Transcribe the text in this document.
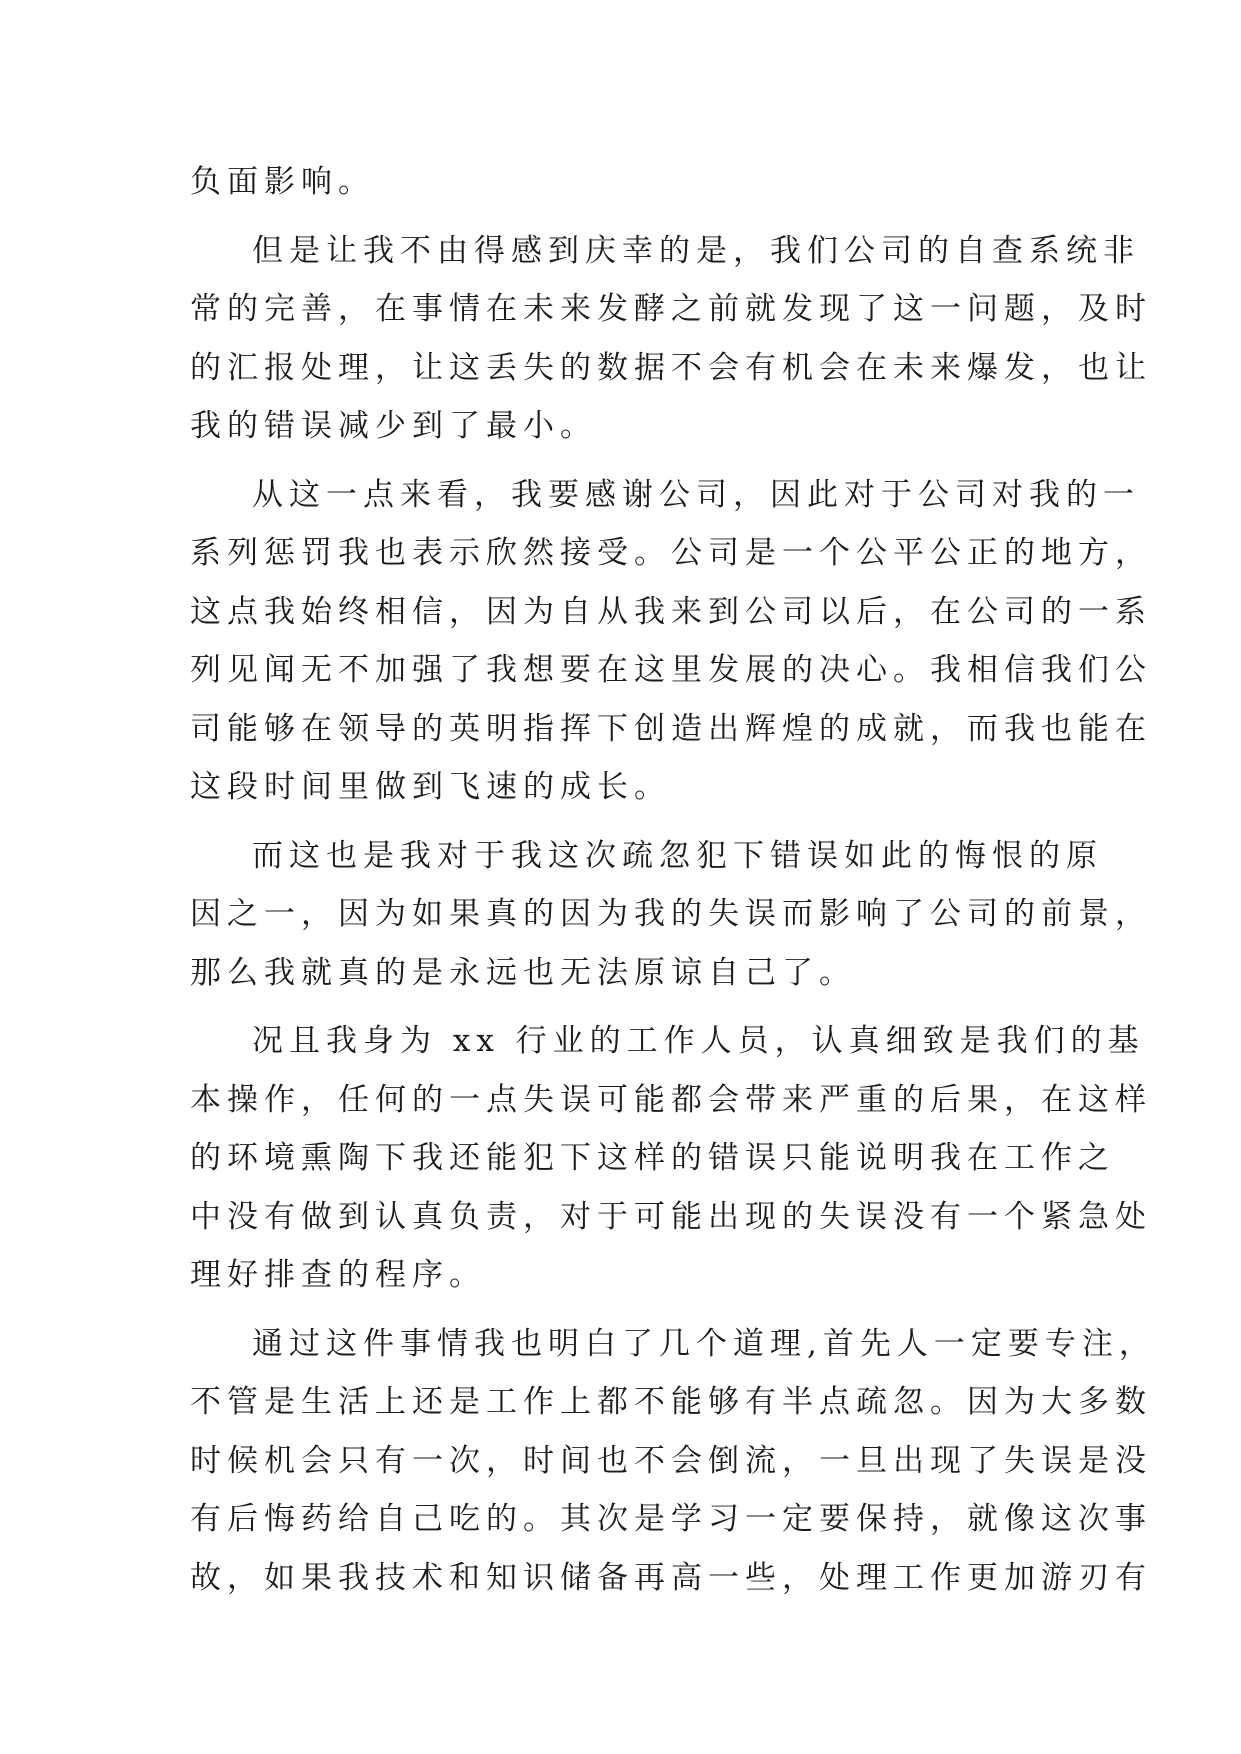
负面影响。

但是让我不由得感到庆幸的是，我们公司的自查系统非
常的完善，在事情在未来发酵之前就发现了这一问题，及时
的汇报处理，让这丢失的数据不会有机会在未来爆发，也让
我的错误减少到了最小。

从这一点来看，我要感谢公司，因此对于公司对我的一
系列惩罚我也表示欣然接受。公司是一个公平公正的地方，
这点我始终相信，因为自从我来到公司以后，在公司的一系
列见闻无不加强了我想要在这里发展的决心。我相信我们公
司能够在领导的英明指挥下创造出辉煌的成就，而我也能在
这段时间里做到飞速的成长。

而这也是我对于我这次疏忽犯下错误如此的悔恨的原
因之一，因为如果真的因为我的失误而影响了公司的前景，
那么我就真的是永远也无法原谅自己了。

况且我身为 xx 行业的工作人员，认真细致是我们的基
本操作，任何的一点失误可能都会带来严重的后果，在这样
的环境熏陶下我还能犯下这样的错误只能说明我在工作之
中没有做到认真负责，对于可能出现的失误没有一个紧急处
理好排查的程序。

通过这件事情我也明白了几个道理,首先人一定要专注，
不管是生活上还是工作上都不能够有半点疏忽。因为大多数
时候机会只有一次，时间也不会倒流，一旦出现了失误是没
有后悔药给自己吃的。其次是学习一定要保持，就像这次事
故，如果我技术和知识储备再高一些，处理工作更加游刃有
